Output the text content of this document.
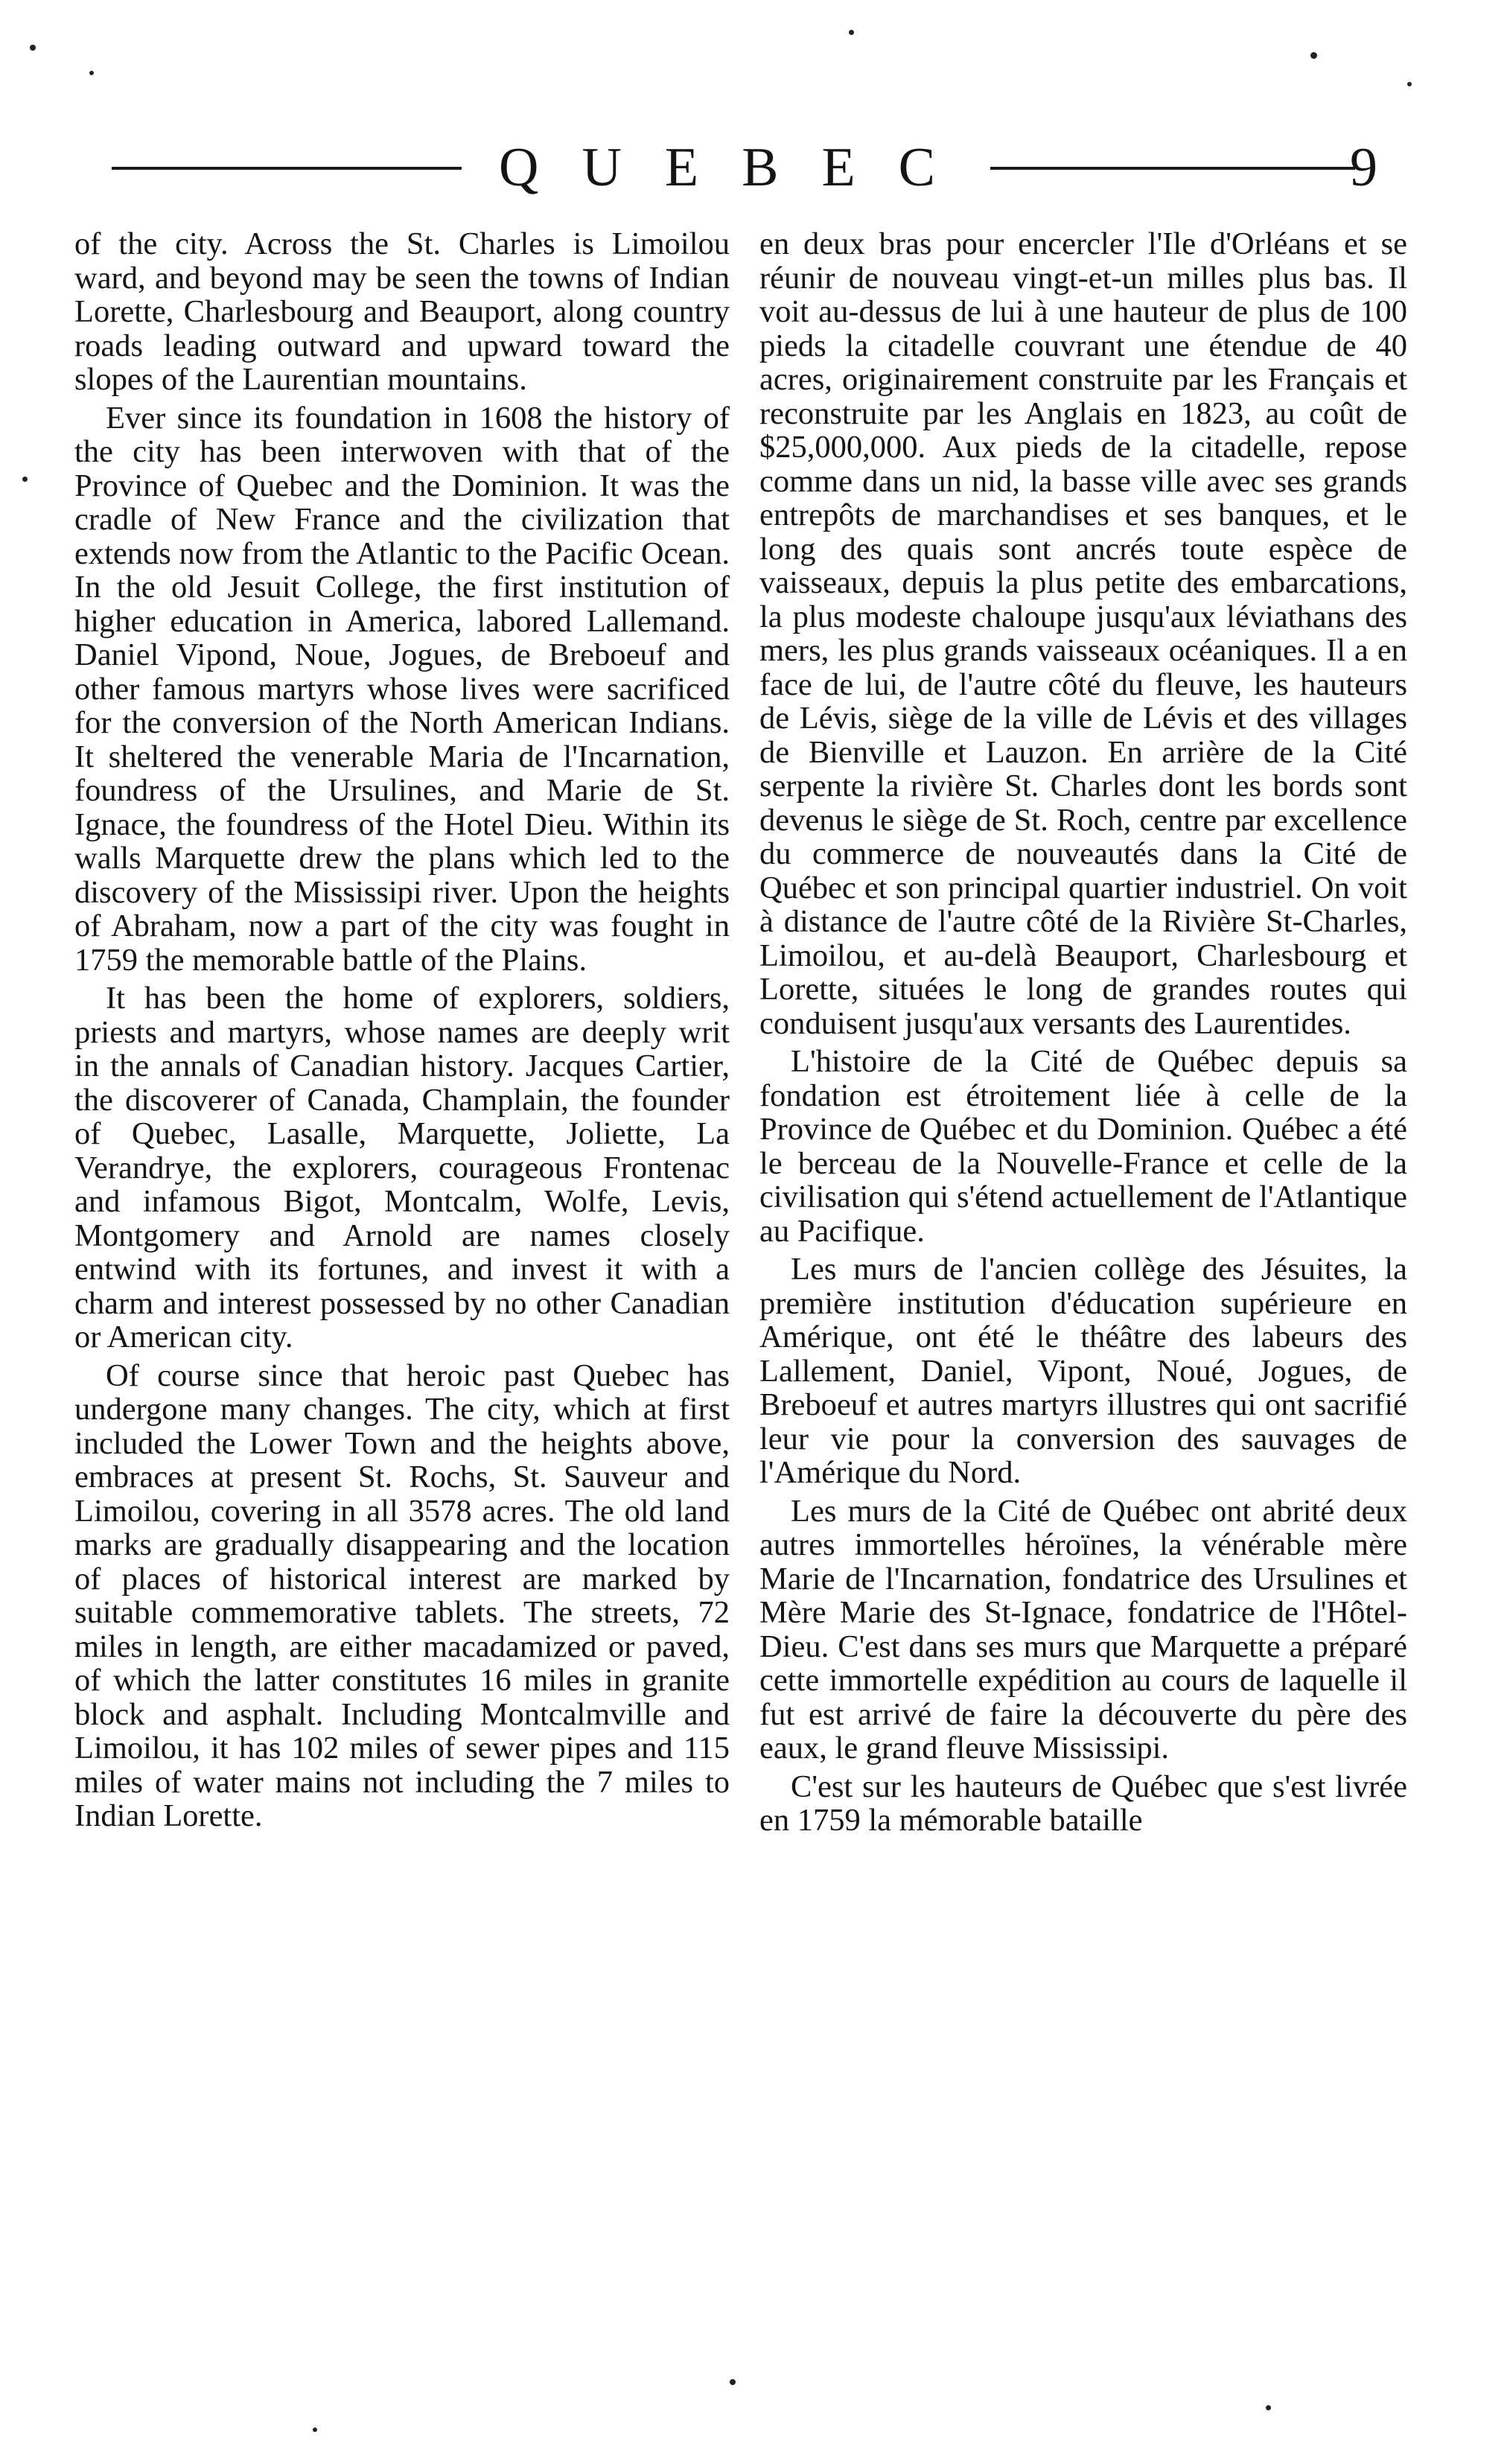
QUEBEC	9

of the city. Across the St. Charles is Limoilou ward, and beyond may be seen the towns of Indian Lorette, Charlesbourg and Beauport, along country roads leading outward and upward toward the slopes of the Laurentian mountains.

Ever since its foundation in 1608 the history of the city has been interwoven with that of the Province of Quebec and the Dominion. It was the cradle of New France and the civilization that extends now from the Atlantic to the Pacific Ocean. In the old Jesuit College, the first institution of higher education in America, labored Lallemand. Daniel Vipond, Noue, Jogues, de Breboeuf and other famous martyrs whose lives were sacrificed for the conversion of the North American Indians. It sheltered the venerable Maria de l'Incarnation, foundress of the Ursulines, and Marie de St. Ignace, the foundress of the Hotel Dieu. Within its walls Marquette drew the plans which led to the discovery of the Mississipi river. Upon the heights of Abraham, now a part of the city was fought in 1759 the memorable battle of the Plains.

It has been the home of explorers, soldiers, priests and martyrs, whose names are deeply writ in the annals of Canadian history. Jacques Cartier, the discoverer of Canada, Champlain, the founder of Quebec, Lasalle, Marquette, Joliette, La Verandrye, the explorers, courageous Frontenac and infamous Bigot, Montcalm, Wolfe, Levis, Montgomery and Arnold are names closely entwind with its fortunes, and invest it with a charm and interest possessed by no other Canadian or American city.

Of course since that heroic past Quebec has undergone many changes. The city, which at first included the Lower Town and the heights above, embraces at present St. Rochs, St. Sauveur and Limoilou, covering in all 3578 acres. The old land marks are gradually disappearing and the location of places of historical interest are marked by suitable commemorative tablets. The streets, 72 miles in length, are either macadamized or paved, of which the latter constitutes 16 miles in granite block and asphalt. Including Montcalmville and Limoilou, it has 102 miles of sewer pipes and 115 miles of water mains not including the 7 miles to Indian Lorette.

en deux bras pour encercler l'Ile d'Orléans et se réunir de nouveau vingt-et-un milles plus bas. Il voit au-dessus de lui à une hauteur de plus de 100 pieds la citadelle couvrant une étendue de 40 acres, originairement construite par les Français et reconstruite par les Anglais en 1823, au coût de $25,000,000. Aux pieds de la citadelle, repose comme dans un nid, la basse ville avec ses grands entrepôts de marchandises et ses banques, et le long des quais sont ancrés toute espèce de vaisseaux, depuis la plus petite des embarcations, la plus modeste chaloupe jusqu'aux léviathans des mers, les plus grands vaisseaux océaniques. Il a en face de lui, de l'autre côté du fleuve, les hauteurs de Lévis, siège de la ville de Lévis et des villages de Bienville et Lauzon. En arrière de la Cité serpente la rivière St. Charles dont les bords sont devenus le siège de St. Roch, centre par excellence du commerce de nouveautés dans la Cité de Québec et son principal quartier industriel. On voit à distance de l'autre côté de la Rivière St-Charles, Limoilou, et au-delà Beauport, Charlesbourg et Lorette, situées le long de grandes routes qui conduisent jusqu'aux versants des Laurentides.

L'histoire de la Cité de Québec depuis sa fondation est étroitement liée à celle de la Province de Québec et du Dominion. Québec a été le berceau de la Nouvelle-France et celle de la civilisation qui s'étend actuellement de l'Atlantique au Pacifique.

Les murs de l'ancien collège des Jésuites, la première institution d'éducation supérieure en Amérique, ont été le théâtre des labeurs des Lallement, Daniel, Vipont, Noué, Jogues, de Breboeuf et autres martyrs illustres qui ont sacrifié leur vie pour la conversion des sauvages de l'Amérique du Nord.

Les murs de la Cité de Québec ont abrité deux autres immortelles héroïnes, la vénérable mère Marie de l'Incarnation, fondatrice des Ursulines et Mère Marie des St-Ignace, fondatrice de l'Hôtel-Dieu. C'est dans ses murs que Marquette a préparé cette immortelle expédition au cours de laquelle il fut est arrivé de faire la découverte du père des eaux, le grand fleuve Mississipi.

C'est sur les hauteurs de Québec que s'est livrée en 1759 la mémorable bataille
